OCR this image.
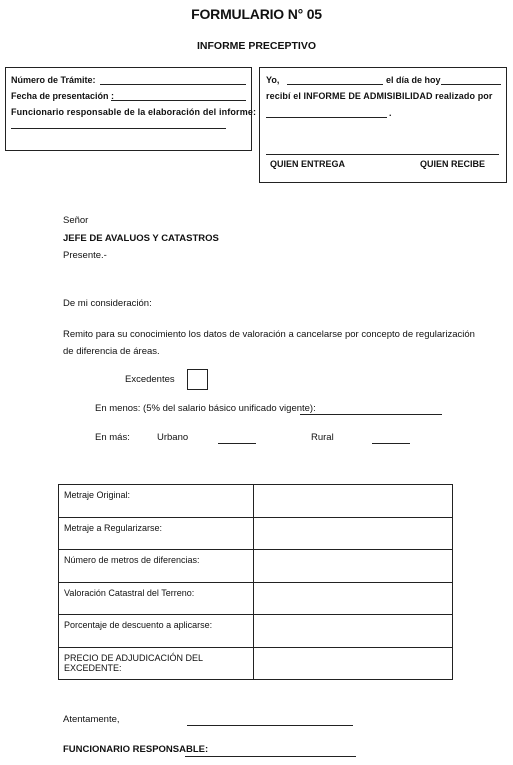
FORMULARIO N° 05
INFORME PRECEPTIVO
Número de Trámite:
Fecha de presentación :
Funcionario responsable de la elaboración del informe:
Yo,	el día de hoy
recibí el INFORME DE ADMISIBILIDAD realizado por
.
QUIEN ENTREGA	QUIEN RECIBE
Señor
JEFE DE AVALUOS Y CATASTROS
Presente.-
De mi consideración:
Remito para su conocimiento los datos de valoración a cancelarse por concepto de regularización
de diferencia de áreas.
Excedentes
En menos: (5% del salario básico unificado vigente):
En más:	Urbano	Rural
Metraje Original:	
Metraje a Regularizarse:	
Número de metros de diferencias:	
Valoración Catastral del Terreno:	
Porcentaje de descuento a aplicarse:	
PRECIO DE ADJUDICACIÓN DEL EXCEDENTE:	
Atentamente,
FUNCIONARIO RESPONSABLE:
